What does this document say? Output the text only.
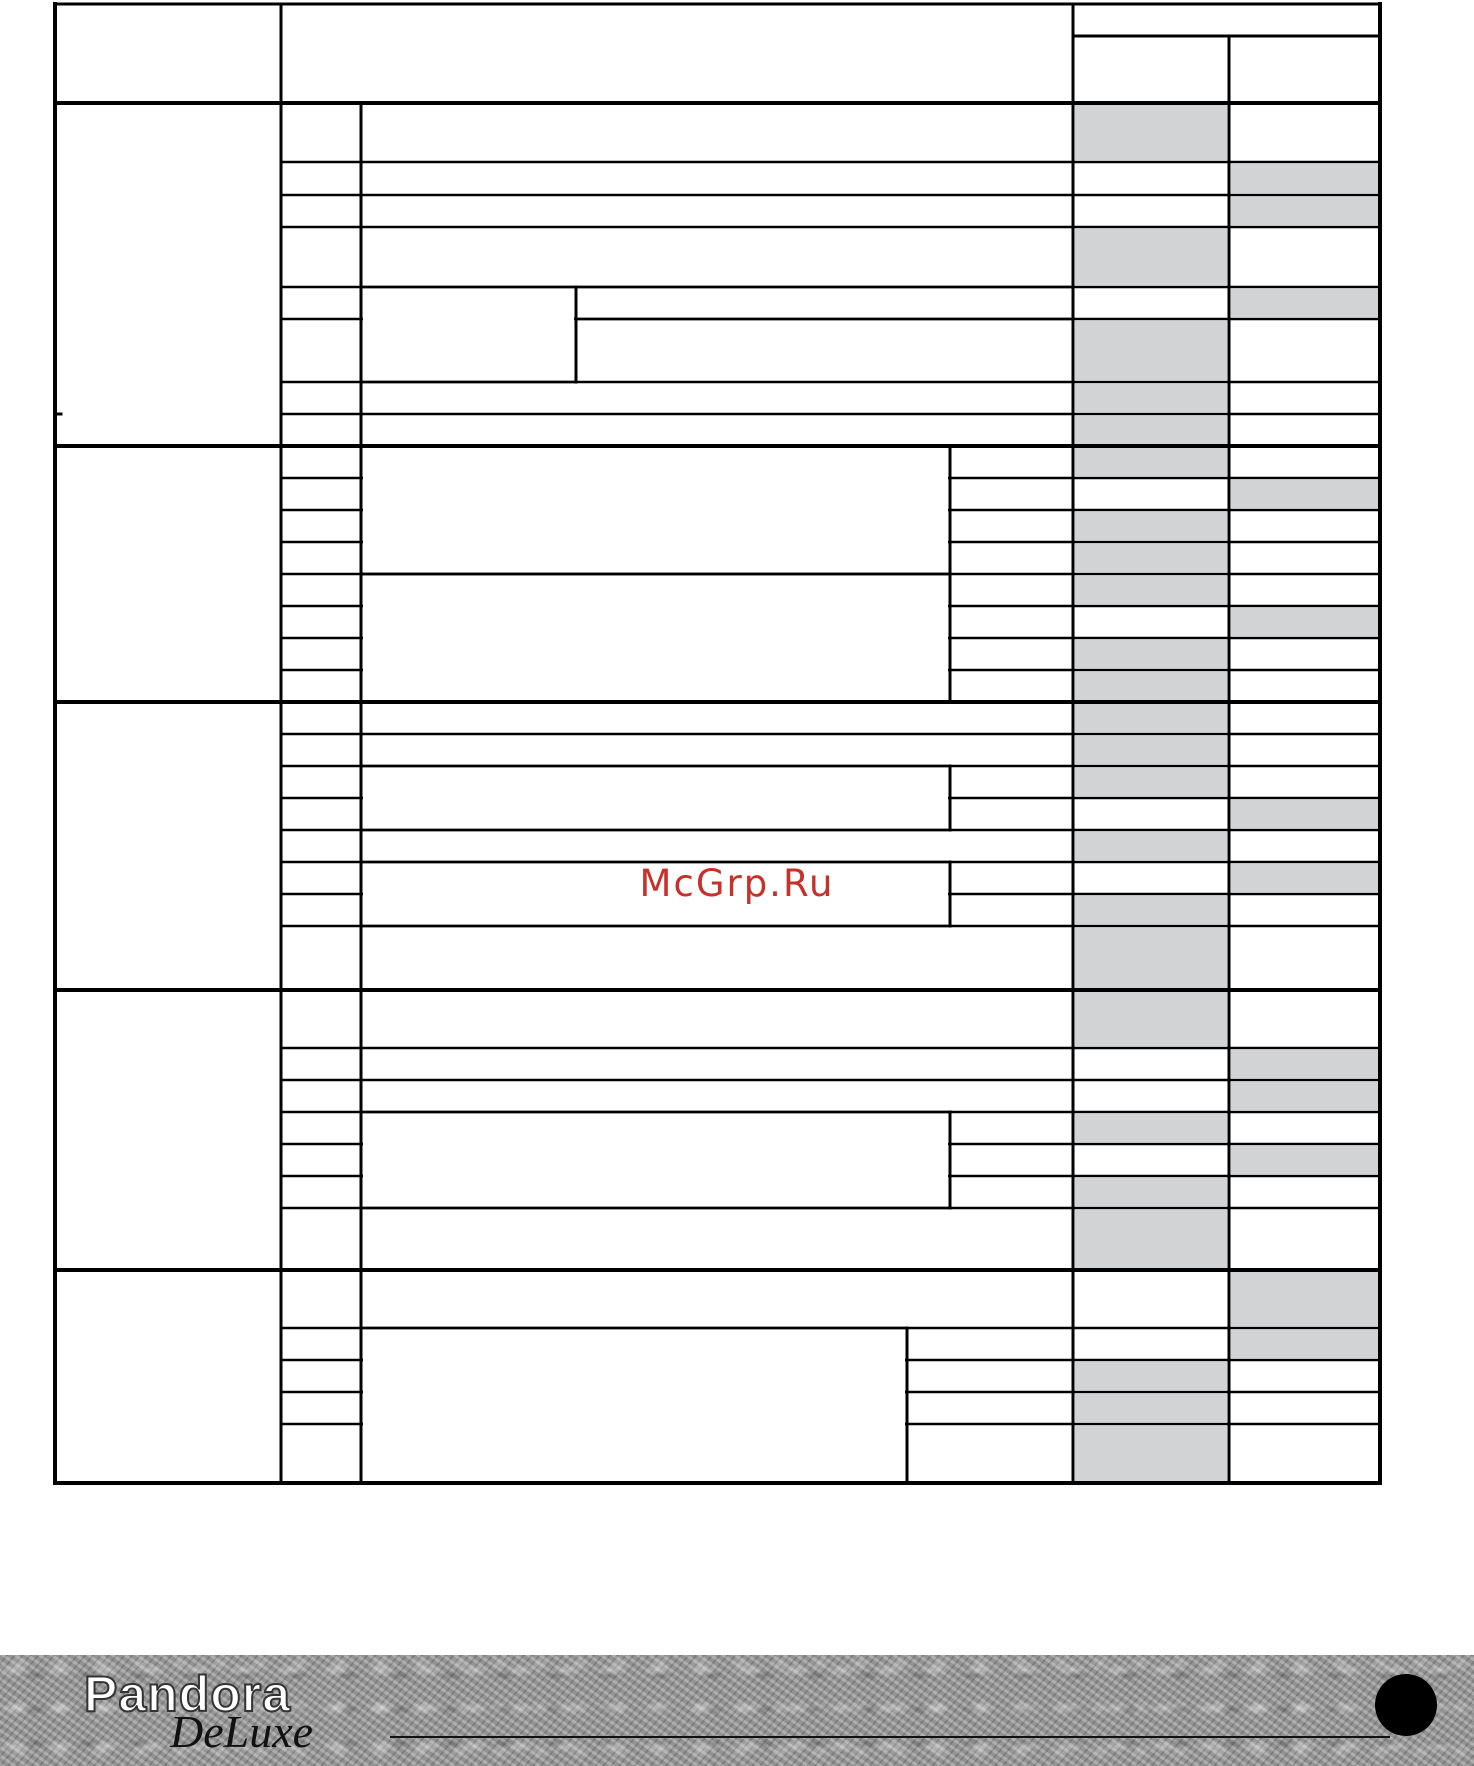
McGrp.Ru
Pandora
DeLuxe
